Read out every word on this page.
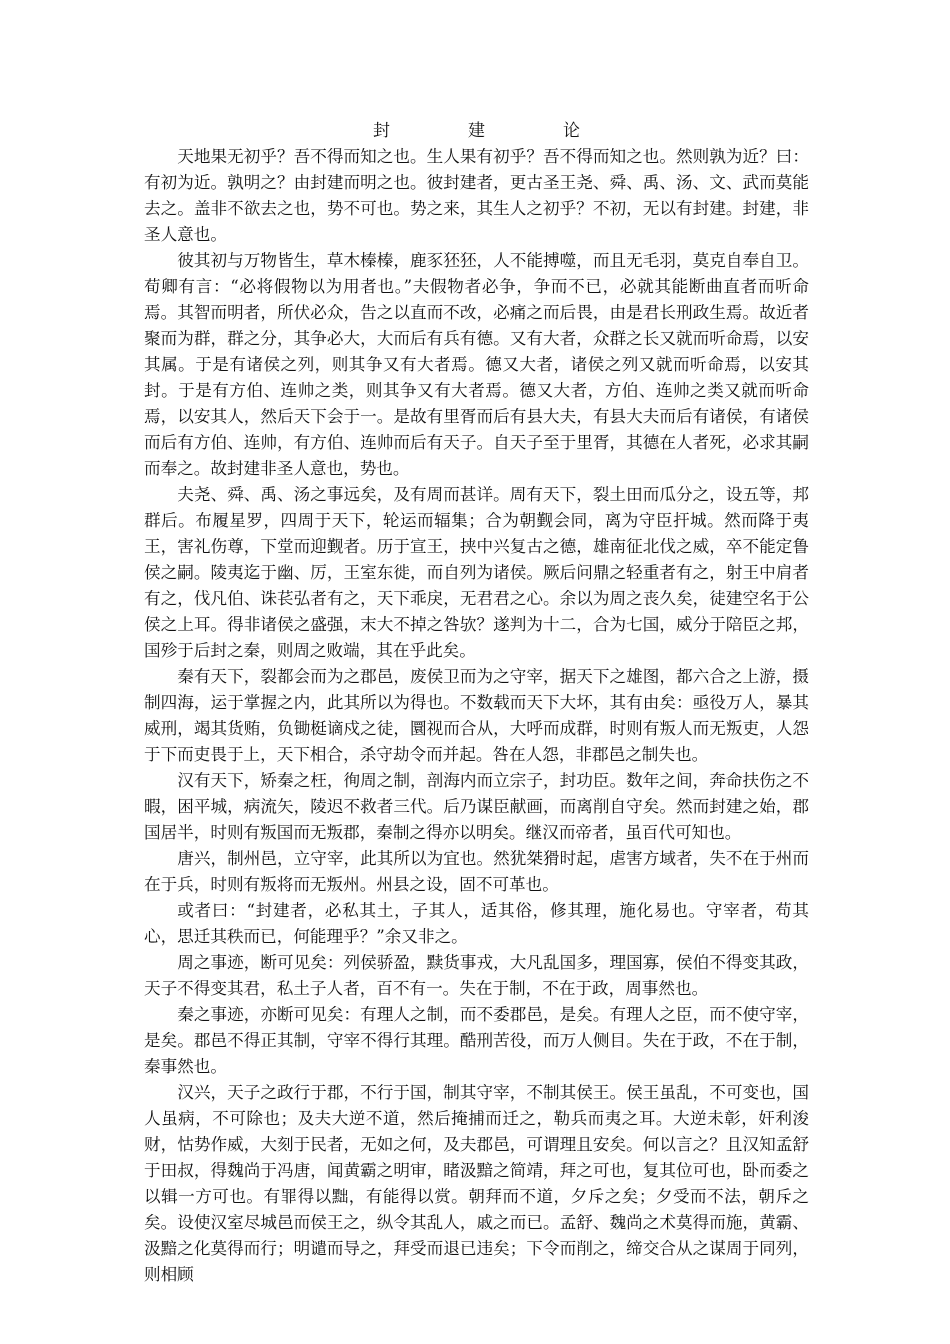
封建论

天地果无初乎？吾不得而知之也。生人果有初乎？吾不得而知之也。然则孰为近？曰：有初为近。孰明之？由封建而明之也。彼封建者，更古圣王尧、舜、禹、汤、文、武而莫能去之。盖非不欲去之也，势不可也。势之来，其生人之初乎？不初，无以有封建。封建，非圣人意也。

彼其初与万物皆生，草木榛榛，鹿豕狉狉，人不能搏噬，而且无毛羽，莫克自奉自卫。荀卿有言：“必将假物以为用者也。”夫假物者必争，争而不已，必就其能断曲直者而听命焉。其智而明者，所伏必众，告之以直而不改，必痛之而后畏，由是君长刑政生焉。故近者聚而为群，群之分，其争必大，大而后有兵有德。又有大者，众群之长又就而听命焉，以安其属。于是有诸侯之列，则其争又有大者焉。德又大者，诸侯之列又就而听命焉，以安其封。于是有方伯、连帅之类，则其争又有大者焉。德又大者，方伯、连帅之类又就而听命焉，以安其人，然后天下会于一。是故有里胥而后有县大夫，有县大夫而后有诸侯，有诸侯而后有方伯、连帅，有方伯、连帅而后有天子。自天子至于里胥，其德在人者死，必求其嗣而奉之。故封建非圣人意也，势也。

夫尧、舜、禹、汤之事远矣，及有周而甚详。周有天下，裂土田而瓜分之，设五等，邦群后。布履星罗，四周于天下，轮运而辐集；合为朝觐会同，离为守臣扞城。然而降于夷王，害礼伤尊，下堂而迎觐者。历于宣王，挟中兴复古之德，雄南征北伐之威，卒不能定鲁侯之嗣。陵夷迄于幽、厉，王室东徙，而自列为诸侯。厥后问鼎之轻重者有之，射王中肩者有之，伐凡伯、诛苌弘者有之，天下乖戾，无君君之心。余以为周之丧久矣，徒建空名于公侯之上耳。得非诸侯之盛强，末大不掉之咎欤？遂判为十二，合为七国，威分于陪臣之邦，国殄于后封之秦，则周之败端，其在乎此矣。

秦有天下，裂都会而为之郡邑，废侯卫而为之守宰，据天下之雄图，都六合之上游，摄制四海，运于掌握之内，此其所以为得也。不数载而天下大坏，其有由矣：亟役万人，暴其威刑，竭其货贿，负锄梃谪戍之徒，圜视而合从，大呼而成群，时则有叛人而无叛吏，人怨于下而吏畏于上，天下相合，杀守劫令而并起。咎在人怨，非郡邑之制失也。

汉有天下，矫秦之枉，徇周之制，剖海内而立宗子，封功臣。数年之间，奔命扶伤之不暇，困平城，病流矢，陵迟不救者三代。后乃谋臣献画，而离削自守矣。然而封建之始，郡国居半，时则有叛国而无叛郡，秦制之得亦以明矣。继汉而帝者，虽百代可知也。

唐兴，制州邑，立守宰，此其所以为宜也。然犹桀猾时起，虐害方域者，失不在于州而在于兵，时则有叛将而无叛州。州县之设，固不可革也。

或者曰：“封建者，必私其土，子其人，适其俗，修其理，施化易也。守宰者，苟其心，思迁其秩而已，何能理乎？”余又非之。

周之事迹，断可见矣：列侯骄盈，黩货事戎，大凡乱国多，理国寡，侯伯不得变其政，天子不得变其君，私土子人者，百不有一。失在于制，不在于政，周事然也。

秦之事迹，亦断可见矣：有理人之制，而不委郡邑，是矣。有理人之臣，而不使守宰，是矣。郡邑不得正其制，守宰不得行其理。酷刑苦役，而万人侧目。失在于政，不在于制，秦事然也。

汉兴，天子之政行于郡，不行于国，制其守宰，不制其侯王。侯王虽乱，不可变也，国人虽病，不可除也；及夫大逆不道，然后掩捕而迁之，勒兵而夷之耳。大逆未彰，奸利浚财，怙势作威，大刻于民者，无如之何，及夫郡邑，可谓理且安矣。何以言之？且汉知孟舒于田叔，得魏尚于冯唐，闻黄霸之明审，睹汲黯之简靖，拜之可也，复其位可也，卧而委之以辑一方可也。有罪得以黜，有能得以赏。朝拜而不道，夕斥之矣；夕受而不法，朝斥之矣。设使汉室尽城邑而侯王之，纵令其乱人，戚之而已。孟舒、魏尚之术莫得而施，黄霸、汲黯之化莫得而行；明谴而导之，拜受而退已违矣；下令而削之，缔交合从之谋周于同列，则相顾
